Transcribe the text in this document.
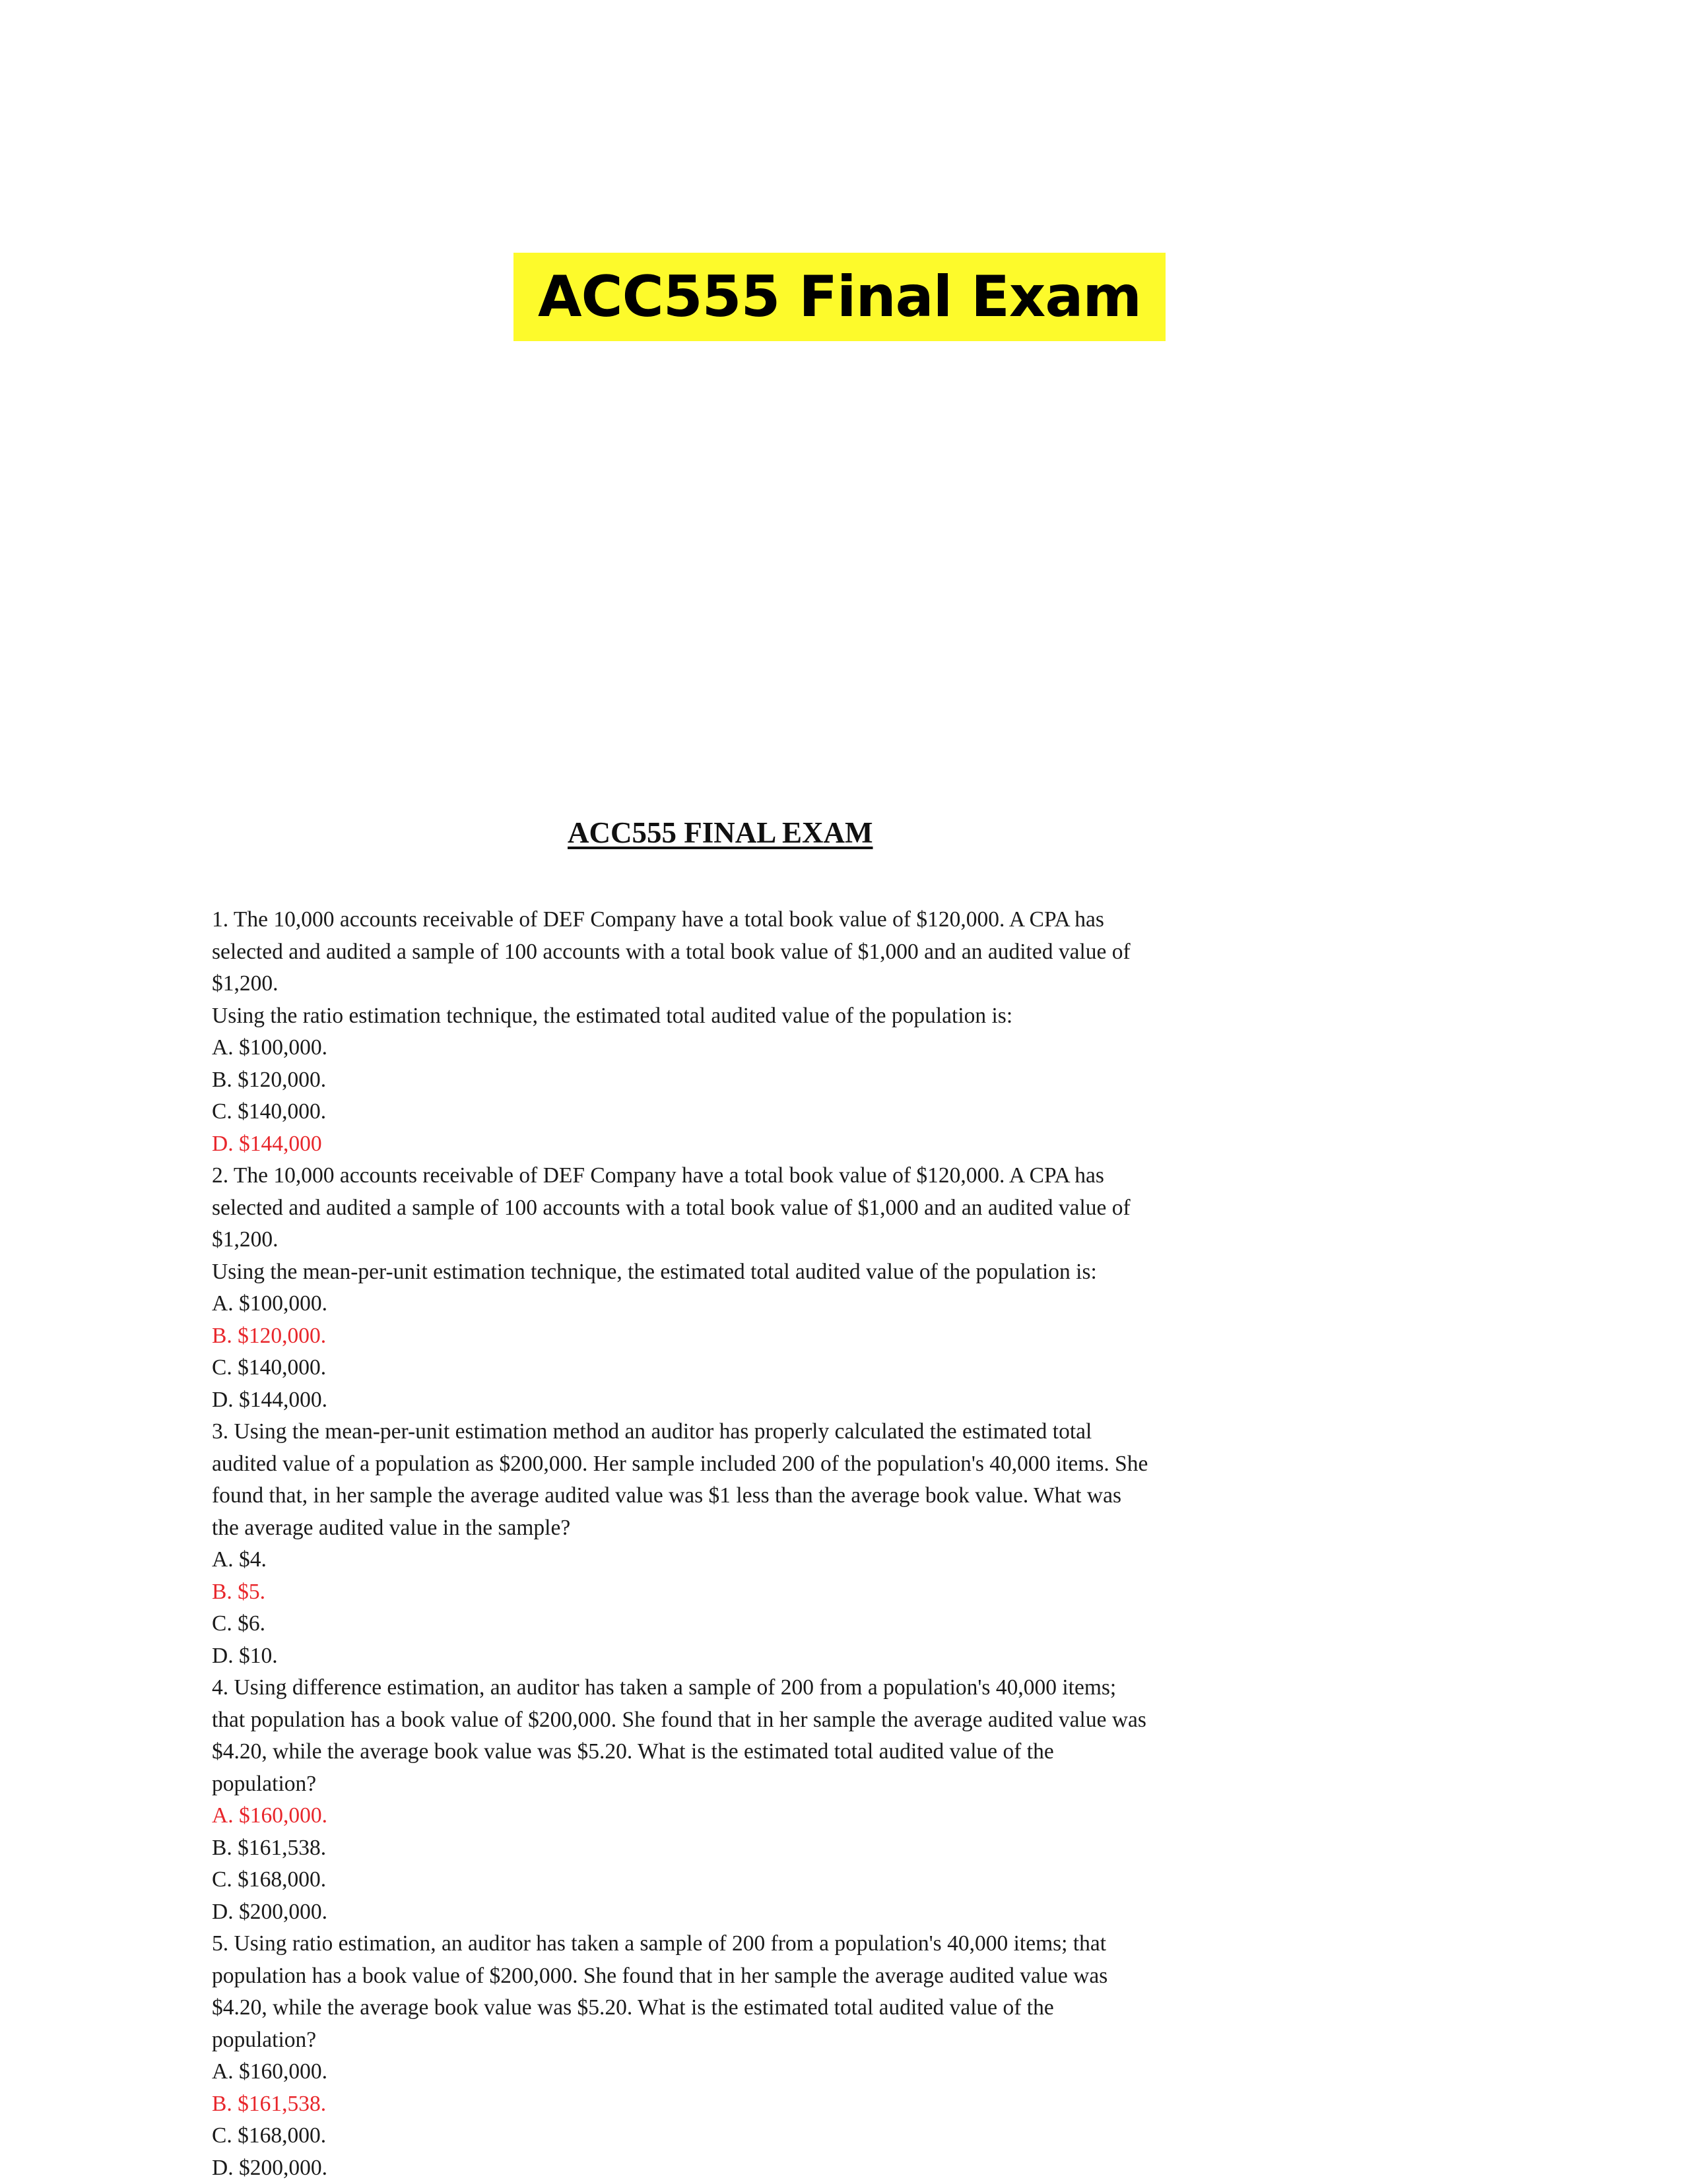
ACC555 Final Exam
ACC555 FINAL EXAM
1. The 10,000 accounts receivable of DEF Company have a total book value of $120,000. A CPA has
selected and audited a sample of 100 accounts with a total book value of $1,000 and an audited value of
$1,200.
Using the ratio estimation technique, the estimated total audited value of the population is:
A. $100,000.
B. $120,000.
C. $140,000.
D. $144,000
2. The 10,000 accounts receivable of DEF Company have a total book value of $120,000. A CPA has
selected and audited a sample of 100 accounts with a total book value of $1,000 and an audited value of
$1,200.
Using the mean-per-unit estimation technique, the estimated total audited value of the population is:
A. $100,000.
B. $120,000.
C. $140,000.
D. $144,000.
3. Using the mean-per-unit estimation method an auditor has properly calculated the estimated total
audited value of a population as $200,000. Her sample included 200 of the population's 40,000 items. She
found that, in her sample the average audited value was $1 less than the average book value. What was
the average audited value in the sample?
A. $4.
B. $5.
C. $6.
D. $10.
4. Using difference estimation, an auditor has taken a sample of 200 from a population's 40,000 items;
that population has a book value of $200,000. She found that in her sample the average audited value was
$4.20, while the average book value was $5.20. What is the estimated total audited value of the
population?
A. $160,000.
B. $161,538.
C. $168,000.
D. $200,000.
5. Using ratio estimation, an auditor has taken a sample of 200 from a population's 40,000 items; that
population has a book value of $200,000. She found that in her sample the average audited value was
$4.20, while the average book value was $5.20. What is the estimated total audited value of the
population?
A. $160,000.
B. $161,538.
C. $168,000.
D. $200,000.
